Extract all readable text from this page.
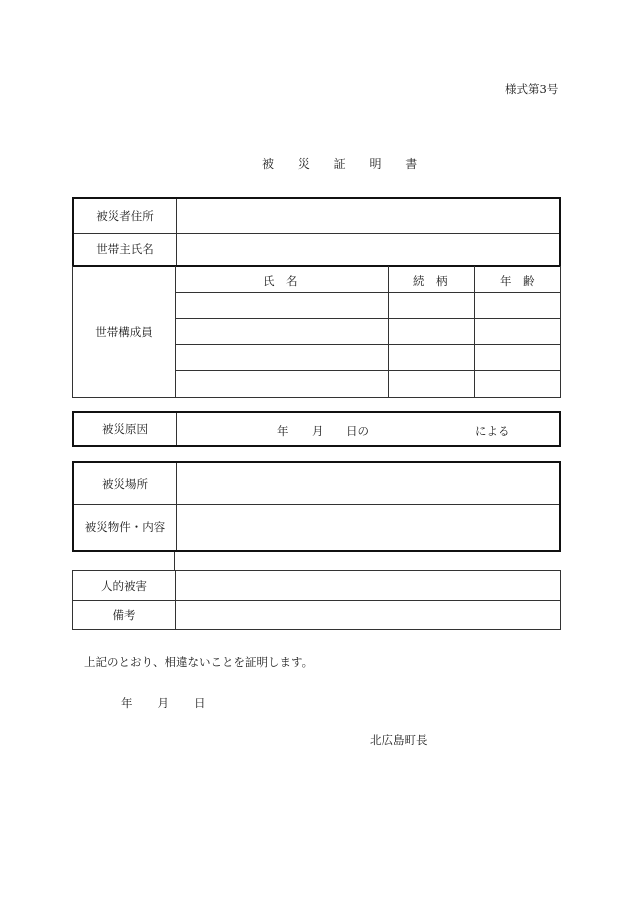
様式第3号
被 災 証 明 書
被災者住所
世帯主氏名
世帯構成員
氏　名	続　柄	年　齢
被災原因	年 月 日の	による
被災場所
被災物件・内容
人的被害
備考
上記のとおり、相違ないことを証明します。
年 月 日
北広島町長
